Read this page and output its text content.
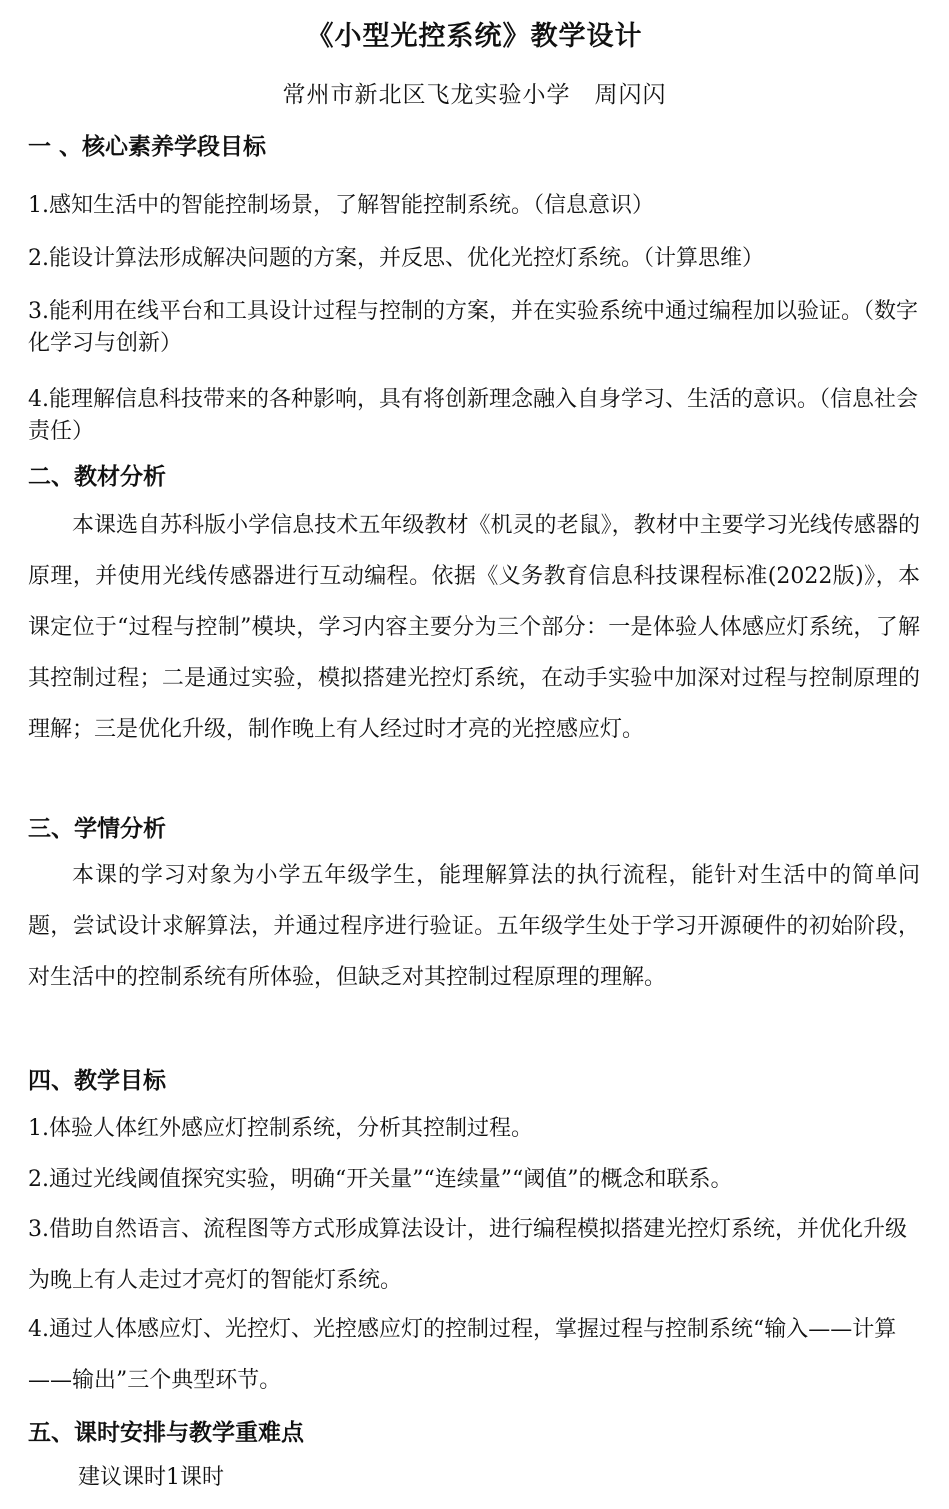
《小型光控系统》教学设计
常州市新北区飞龙实验小学　周闪闪
一 、核心素养学段目标
1.感知生活中的智能控制场景，了解智能控制系统。（信息意识）
2.能设计算法形成解决问题的方案，并反思、优化光控灯系统。（计算思维）
3.能利用在线平台和工具设计过程与控制的方案，并在实验系统中通过编程加以验证。（数字化学习与创新）
4.能理解信息科技带来的各种影响，具有将创新理念融入自身学习、生活的意识。（信息社会责任）
二、教材分析
本课选自苏科版小学信息技术五年级教材《机灵的老鼠》，教材中主要学习光线传感器的原理，并使用光线传感器进行互动编程。依据《义务教育信息科技课程标准(2022版)》，本课定位于“过程与控制”模块，学习内容主要分为三个部分：一是体验人体感应灯系统，了解其控制过程；二是通过实验，模拟搭建光控灯系统，在动手实验中加深对过程与控制原理的理解；三是优化升级，制作晚上有人经过时才亮的光控感应灯。
三、学情分析
本课的学习对象为小学五年级学生，能理解算法的执行流程，能针对生活中的简单问题，尝试设计求解算法，并通过程序进行验证。五年级学生处于学习开源硬件的初始阶段，对生活中的控制系统有所体验，但缺乏对其控制过程原理的理解。
四、教学目标
1.体验人体红外感应灯控制系统，分析其控制过程。
2.通过光线阈值探究实验，明确“开关量”“连续量”“阈值”的概念和联系。
3.借助自然语言、流程图等方式形成算法设计，进行编程模拟搭建光控灯系统，并优化升级为晚上有人走过才亮灯的智能灯系统。
4.通过人体感应灯、光控灯、光控感应灯的控制过程，掌握过程与控制系统“输入——计算——输出”三个典型环节。
五、课时安排与教学重难点
建议课时1课时
